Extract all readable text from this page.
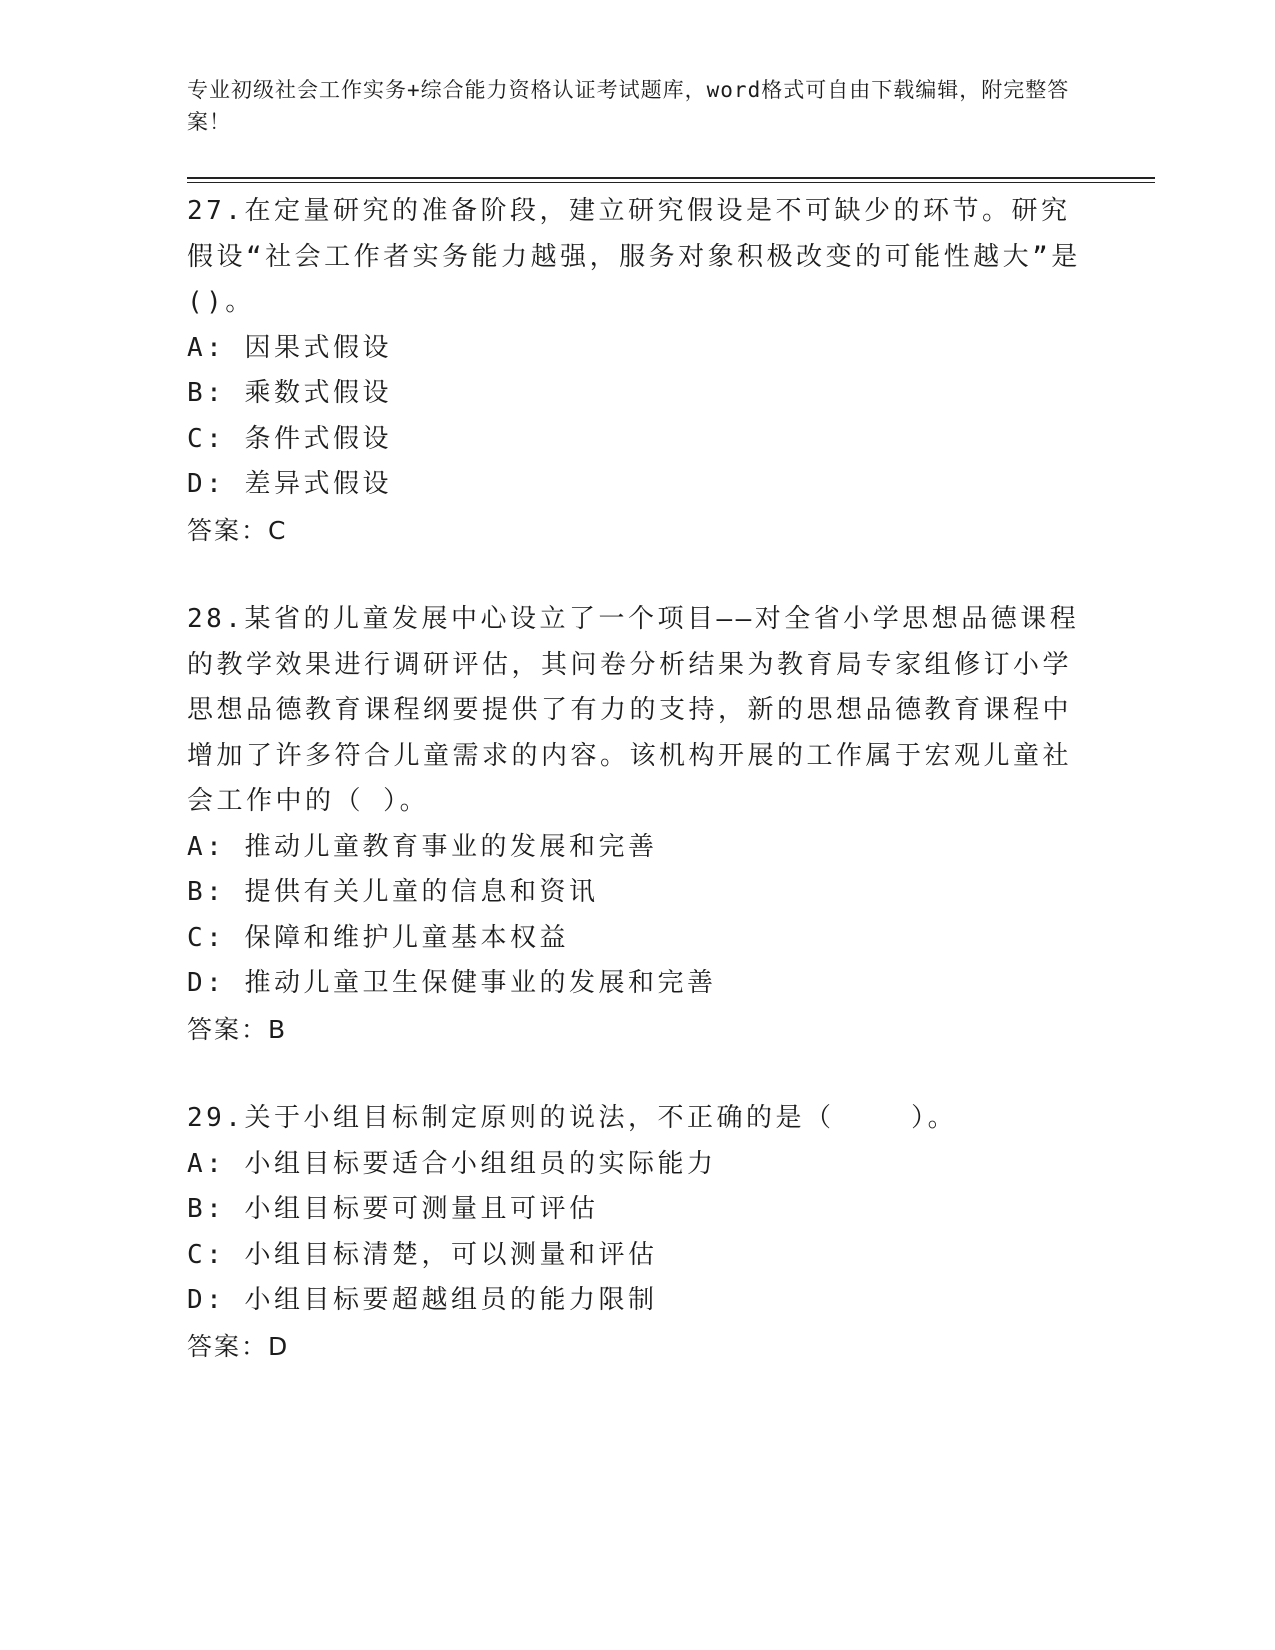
专业初级社会工作实务+综合能力资格认证考试题库，word格式可自由下载编辑，附完整答案！
27.在定量研究的准备阶段，建立研究假设是不可缺少的环节。研究假设“社会工作者实务能力越强，服务对象积极改变的可能性越大”是()。
A: 因果式假设
B: 乘数式假设
C: 条件式假设
D: 差异式假设
答案：C
28.某省的儿童发展中心设立了一个项目——对全省小学思想品德课程的教学效果进行调研评估，其问卷分析结果为教育局专家组修订小学思想品德教育课程纲要提供了有力的支持，新的思想品德教育课程中增加了许多符合儿童需求的内容。该机构开展的工作属于宏观儿童社会工作中的（ ）。
A: 推动儿童教育事业的发展和完善
B: 提供有关儿童的信息和资讯
C: 保障和维护儿童基本权益
D: 推动儿童卫生保健事业的发展和完善
答案：B
29.关于小组目标制定原则的说法，不正确的是（    ）。
A: 小组目标要适合小组组员的实际能力
B: 小组目标要可测量且可评估
C: 小组目标清楚，可以测量和评估
D: 小组目标要超越组员的能力限制
答案：D
